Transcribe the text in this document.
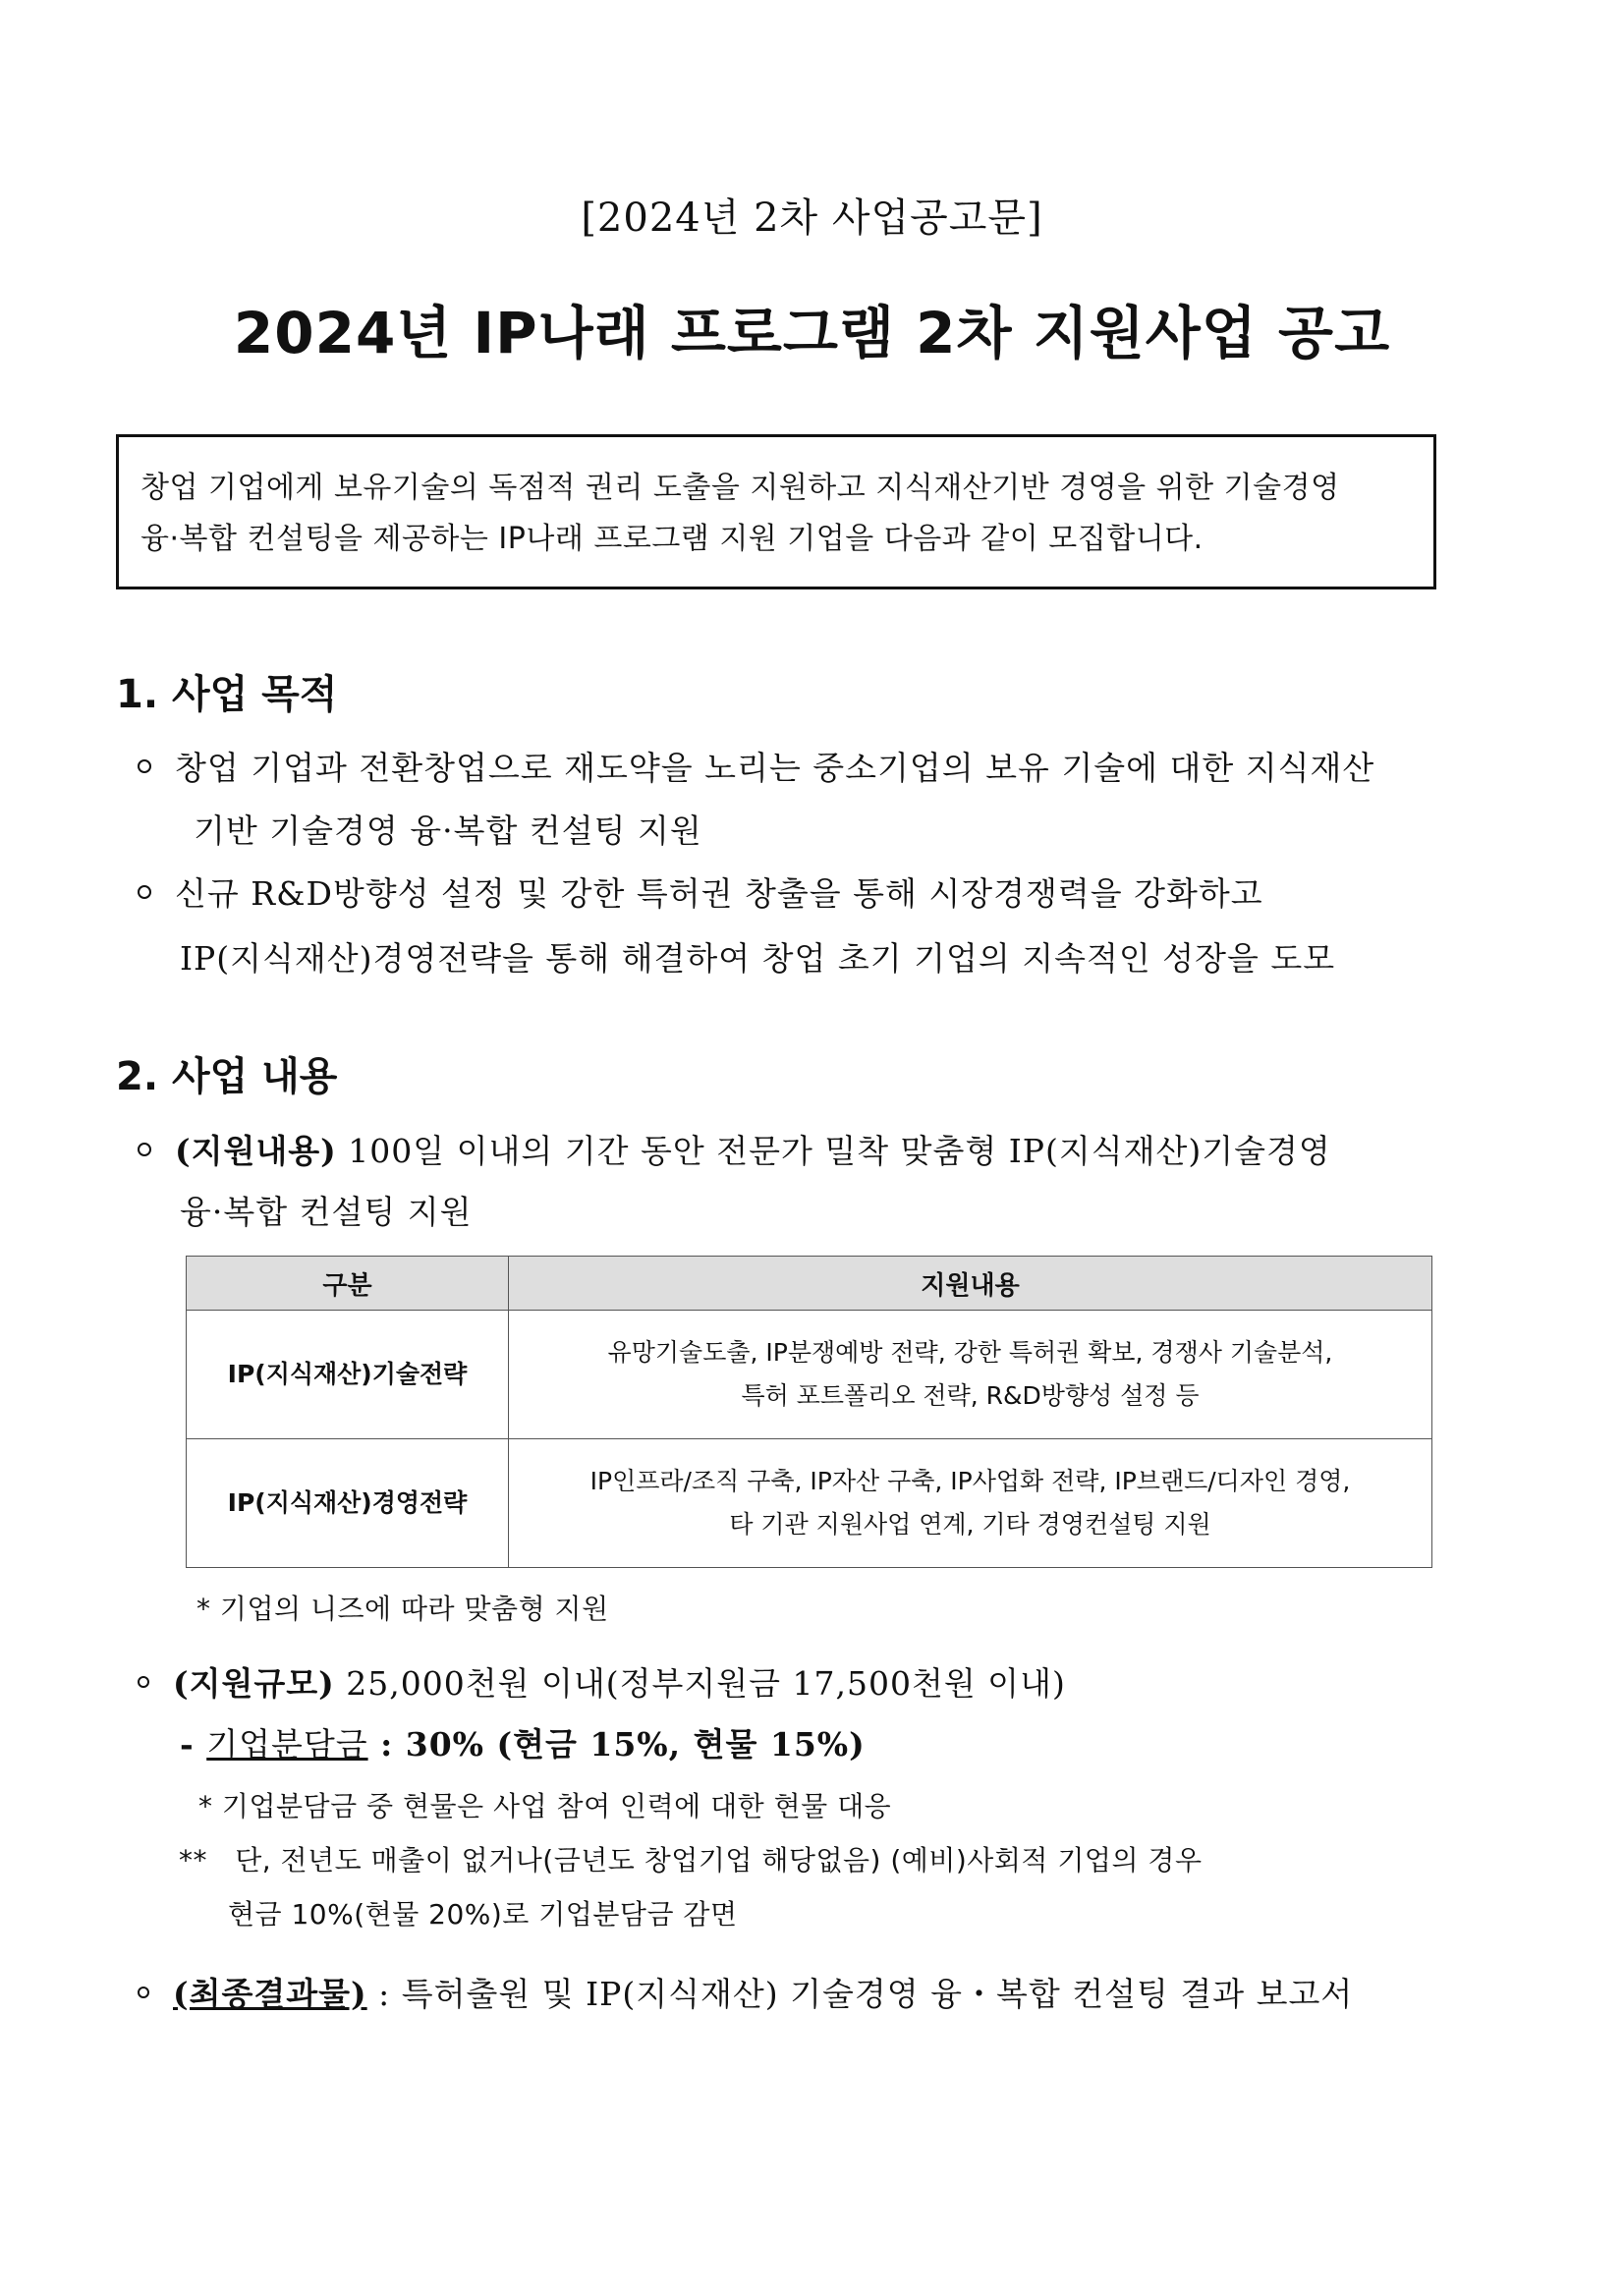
[2024년 2차 사업공고문]
2024년 IP나래 프로그램 2차 지원사업 공고
창업 기업에게 보유기술의 독점적 권리 도출을 지원하고 지식재산기반 경영을 위한 기술경영
융·복합 컨설팅을 제공하는 IP나래 프로그램 지원 기업을 다음과 같이 모집합니다.
1. 사업 목적
창업 기업과 전환창업으로 재도약을 노리는 중소기업의 보유 기술에 대한 지식재산
기반 기술경영 융·복합 컨설팅 지원
신규 R&D방향성 설정 및 강한 특허권 창출을 통해 시장경쟁력을 강화하고
IP(지식재산)경영전략을 통해 해결하여 창업 초기 기업의 지속적인 성장을 도모
2. 사업 내용
(지원내용) 100일 이내의 기간 동안 전문가 밀착 맞춤형 IP(지식재산)기술경영
융·복합 컨설팅 지원
구분	지원내용
IP(지식재산)기술전략	유망기술도출, IP분쟁예방 전략, 강한 특허권 확보, 경쟁사 기술분석,
특허 포트폴리오 전략, R&D방향성 설정 등

IP(지식재산)경영전략	IP인프라/조직 구축, IP자산 구축, IP사업화 전략, IP브랜드/디자인 경영,
타 기관 지원사업 연계, 기타 경영컨설팅 지원
* 기업의 니즈에 따라 맞춤형 지원
(지원규모) 25,000천원 이내(정부지원금 17,500천원 이내)
- 기업분담금 : 30% (현금 15%, 현물 15%)
* 기업분담금 중 현물은 사업 참여 인력에 대한 현물 대응
** 단, 전년도 매출이 없거나(금년도 창업기업 해당없음) (예비)사회적 기업의 경우
현금 10%(현물 20%)로 기업분담금 감면
(최종결과물) : 특허출원 및 IP(지식재산) 기술경영 융・복합 컨설팅 결과 보고서
